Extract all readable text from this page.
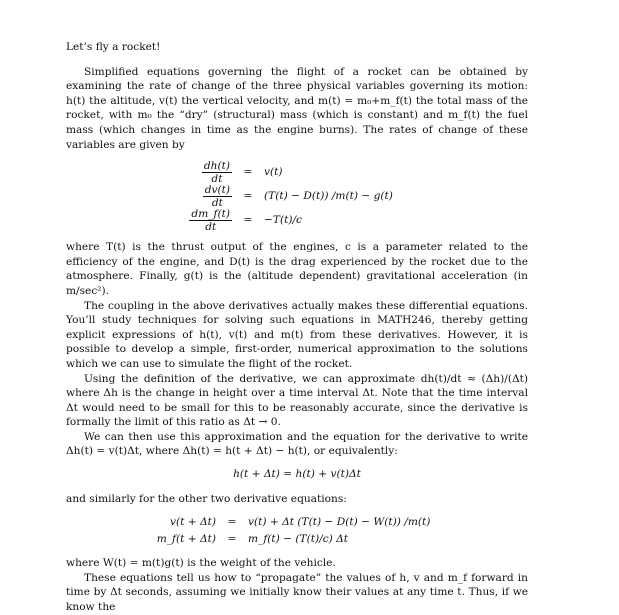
Let’s fly a rocket!

Simplified equations governing the flight of a rocket can be obtained by examining the rate of change of the three physical variables governing its motion: h(t) the altitude, v(t) the vertical velocity, and m(t) = m₀+m_f(t) the total mass of the rocket, with m₀ the “dry” (structural) mass (which is constant) and m_f(t) the fuel mass (which changes in time as the engine burns). The rates of change of these variables are given by

$\frac{dh(t)}{dt}$	=	v(t)
$\frac{dv(t)}{dt}$	=	(T(t) − D(t)) /m(t) − g(t)
$\frac{dm\_f(t)}{dt}$	=	−T(t)/c

where T(t) is the thrust output of the engines, c is a parameter related to the efficiency of the engine, and D(t) is the drag experienced by the rocket due to the atmosphere. Finally, g(t) is the (altitude dependent) gravitational acceleration (in m/sec²).

The coupling in the above derivatives actually makes these differential equations. You’ll study techniques for solving such equations in MATH246, thereby getting explicit expressions of h(t), v(t) and m(t) from these derivatives. However, it is possible to develop a simple, first-order, numerical approximation to the solutions which we can use to simulate the flight of the rocket.

Using the definition of the derivative, we can approximate dh(t)/dt ≈ (Δh)/(Δt) where Δh is the change in height over a time interval Δt. Note that the time interval Δt would need to be small for this to be reasonably accurate, since the derivative is formally the limit of this ratio as Δt → 0.

We can then use this approximation and the equation for the derivative to write Δh(t) = v(t)Δt, where Δh(t) = h(t + Δt) − h(t), or equivalently:

h(t + Δt) = h(t) + v(t)Δt

and similarly for the other two derivative equations:

v(t + Δt)	=	v(t) + Δt (T(t) − D(t) − W(t)) /m(t)
m_f(t + Δt)	=	m_f(t) − (T(t)/c) Δt

where W(t) = m(t)g(t) is the weight of the vehicle.

These equations tell us how to “propagate” the values of h, v and m_f forward in time by Δt seconds, assuming we initially know their values at any time t. Thus, if we know the
